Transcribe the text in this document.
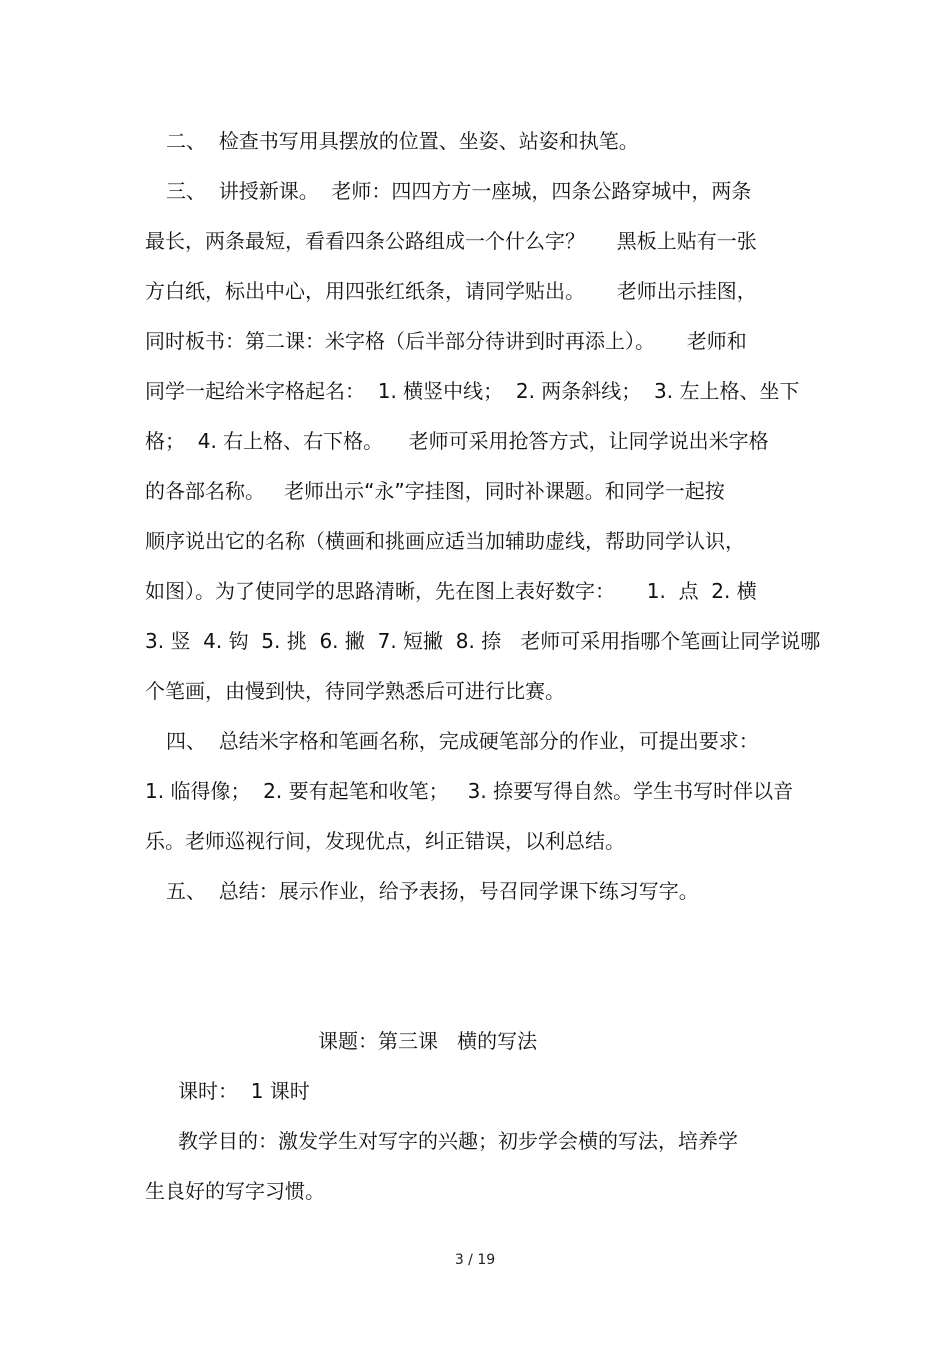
二、  检查书写用具摆放的位置、坐姿、站姿和执笔。

三、  讲授新课。  老师：四四方方一座城，四条公路穿城中，两条

最长，两条最短，看看四条公路组成一个什么字？     黑板上贴有一张

方白纸，标出中心，用四张红纸条，请同学贴出。     老师出示挂图，

同时板书：第二课：米字格（后半部分待讲到时再添上）。     老师和

同学一起给米字格起名：  1. 横竖中线；  2. 两条斜线；  3. 左上格、坐下

格；  4. 右上格、右下格。    老师可采用抢答方式，让同学说出米字格

的各部名称。   老师出示“永”字挂图，同时补课题。和同学一起按

顺序说出它的名称（横画和挑画应适当加辅助虚线，帮助同学认识，

如图）。为了使同学的思路清晰，先在图上表好数字：     1.  点  2. 横

3. 竖  4. 钩  5. 挑  6. 撇  7. 短撇  8. 捺   老师可采用指哪个笔画让同学说哪

个笔画，由慢到快，待同学熟悉后可进行比赛。

四、  总结米字格和笔画名称，完成硬笔部分的作业，可提出要求：

1. 临得像；  2. 要有起笔和收笔；   3. 捺要写得自然。学生书写时伴以音

乐。老师巡视行间，发现优点，纠正错误，以利总结。

五、  总结：展示作业，给予表扬，号召同学课下练习写字。

课题：第三课   横的写法

课时：  1 课时

教学目的：激发学生对写字的兴趣；初步学会横的写法，培养学

生良好的写字习惯。

3 / 19
